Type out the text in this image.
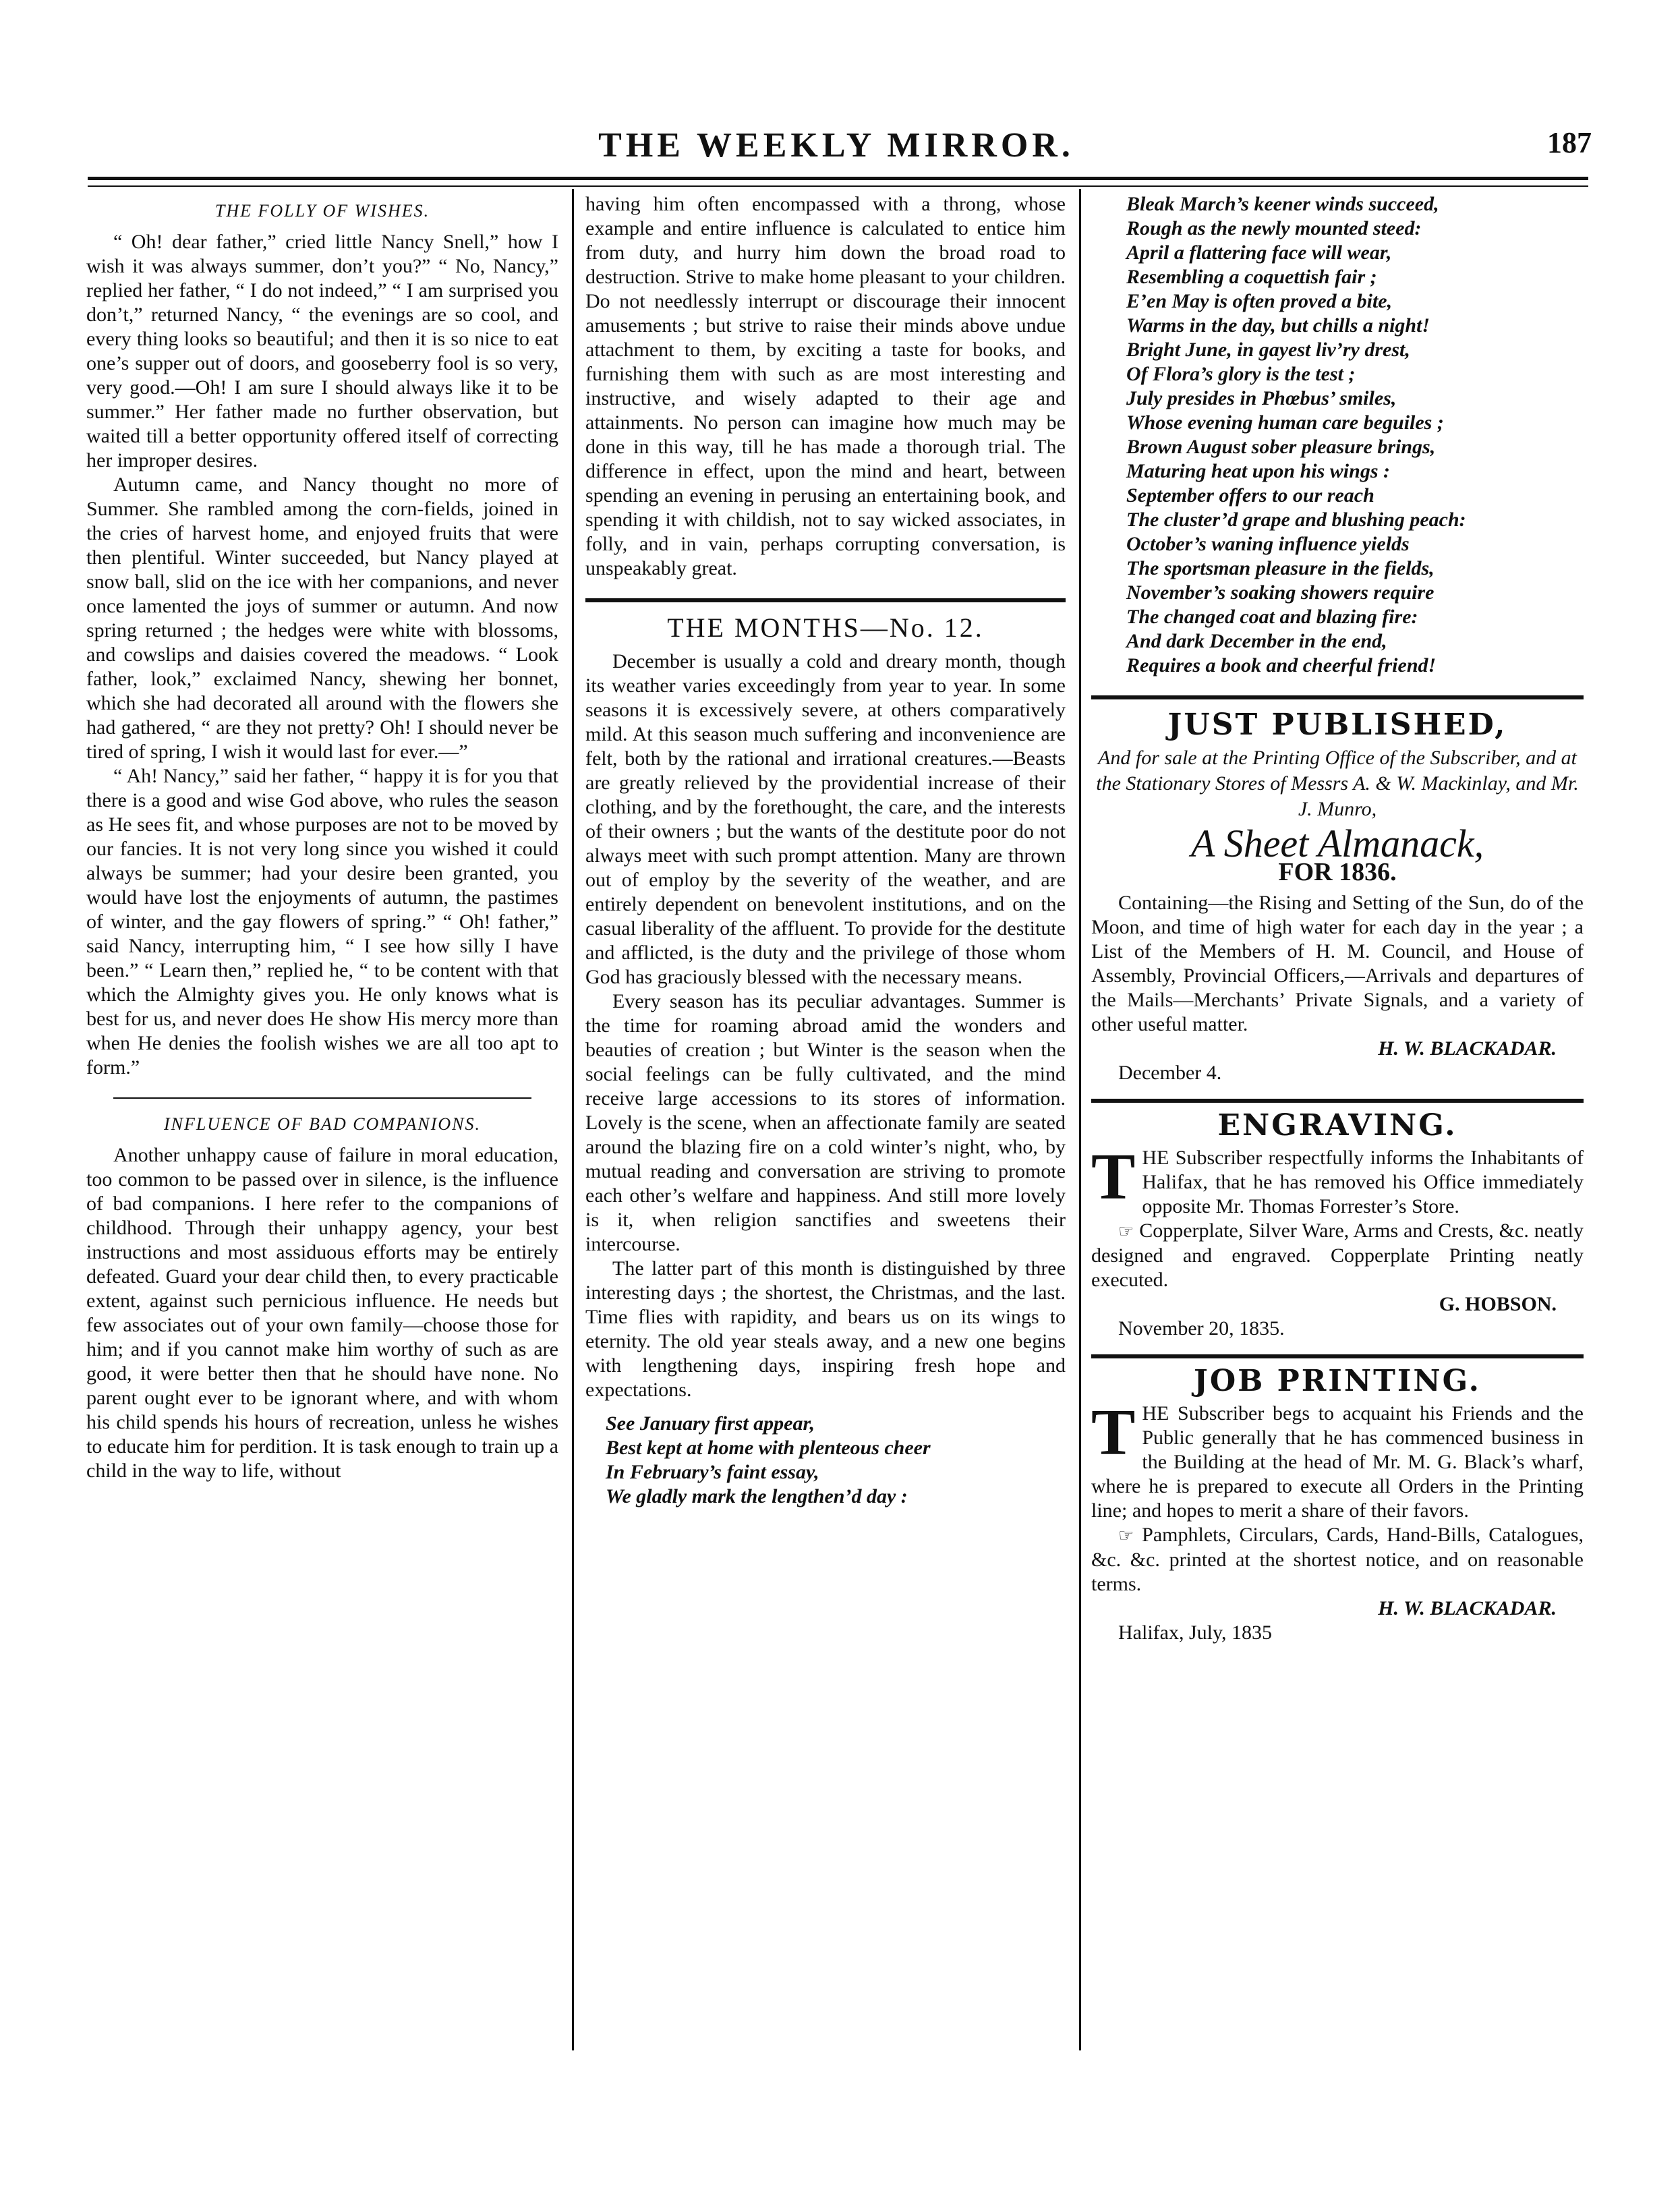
THE WEEKLY MIRROR.	187

THE FOLLY OF WISHES.

“ Oh! dear father,” cried little Nancy Snell,” how I wish it was always summer, don’t you?” “ No, Nancy,” replied her father, “ I do not indeed,” “ I am surprised you don’t,” returned Nancy, “ the evenings are so cool, and every thing looks so beautiful; and then it is so nice to eat one’s supper out of doors, and gooseberry fool is so very, very good.—Oh! I am sure I should always like it to be summer.” Her father made no further observation, but waited till a better opportunity offered itself of correcting her improper desires.

Autumn came, and Nancy thought no more of Summer. She rambled among the corn-fields, joined in the cries of harvest home, and enjoyed fruits that were then plentiful. Winter succeeded, but Nancy played at snow ball, slid on the ice with her companions, and never once lamented the joys of summer or autumn. And now spring returned ; the hedges were white with blossoms, and cowslips and daisies covered the meadows. “ Look father, look,” exclaimed Nancy, shewing her bonnet, which she had decorated all around with the flowers she had gathered, “ are they not pretty? Oh! I should never be tired of spring, I wish it would last for ever.—”

“ Ah! Nancy,” said her father, “ happy it is for you that there is a good and wise God above, who rules the season as He sees fit, and whose purposes are not to be moved by our fancies. It is not very long since you wished it could always be summer; had your desire been granted, you would have lost the enjoyments of autumn, the pastimes of winter, and the gay flowers of spring.” “ Oh! father,” said Nancy, interrupting him, “ I see how silly I have been.” “ Learn then,” replied he, “ to be content with that which the Almighty gives you. He only knows what is best for us, and never does He show His mercy more than when He denies the foolish wishes we are all too apt to form.”

INFLUENCE OF BAD COMPANIONS.

Another unhappy cause of failure in moral education, too common to be passed over in silence, is the influence of bad companions. I here refer to the companions of childhood. Through their unhappy agency, your best instructions and most assiduous efforts may be entirely defeated. Guard your dear child then, to every practicable extent, against such pernicious influence. He needs but few associates out of your own family—choose those for him; and if you cannot make him worthy of such as are good, it were better then that he should have none. No parent ought ever to be ignorant where, and with whom his child spends his hours of recreation, unless he wishes to educate him for perdition. It is task enough to train up a child in the way to life, without

having him often encompassed with a throng, whose example and entire influence is calculated to entice him from duty, and hurry him down the broad road to destruction. Strive to make home pleasant to your children. Do not needlessly interrupt or discourage their innocent amusements ; but strive to raise their minds above undue attachment to them, by exciting a taste for books, and furnishing them with such as are most interesting and instructive, and wisely adapted to their age and attainments. No person can imagine how much may be done in this way, till he has made a thorough trial. The difference in effect, upon the mind and heart, between spending an evening in perusing an entertaining book, and spending it with childish, not to say wicked associates, in folly, and in vain, perhaps corrupting conversation, is unspeakably great.

THE MONTHS—No. 12.

December is usually a cold and dreary month, though its weather varies exceedingly from year to year. In some seasons it is excessively severe, at others comparatively mild. At this season much suffering and inconvenience are felt, both by the rational and irrational creatures.—Beasts are greatly relieved by the providential increase of their clothing, and by the forethought, the care, and the interests of their owners ; but the wants of the destitute poor do not always meet with such prompt attention. Many are thrown out of employ by the severity of the weather, and are entirely dependent on benevolent institutions, and on the casual liberality of the affluent. To provide for the destitute and afflicted, is the duty and the privilege of those whom God has graciously blessed with the necessary means.

Every season has its peculiar advantages. Summer is the time for roaming abroad amid the wonders and beauties of creation ; but Winter is the season when the social feelings can be fully cultivated, and the mind receive large accessions to its stores of information. Lovely is the scene, when an affectionate family are seated around the blazing fire on a cold winter’s night, who, by mutual reading and conversation are striving to promote each other’s welfare and happiness. And still more lovely is it, when religion sanctifies and sweetens their intercourse.

The latter part of this month is distinguished by three interesting days ; the shortest, the Christmas, and the last. Time flies with rapidity, and bears us on its wings to eternity. The old year steals away, and a new one begins with lengthening days, inspiring fresh hope and expectations.

See January first appear,

Best kept at home with plenteous cheer

In February’s faint essay,

We gladly mark the lengthen’d day :

Bleak March’s keener winds succeed,

Rough as the newly mounted steed:

April a flattering face will wear,

Resembling a coquettish fair ;

E’en May is often proved a bite,

Warms in the day, but chills a night!

Bright June, in gayest liv’ry drest,

Of Flora’s glory is the test ;

July presides in Phœbus’ smiles,

Whose evening human care beguiles ;

Brown August sober pleasure brings,

Maturing heat upon his wings :

September offers to our reach

The cluster’d grape and blushing peach:

October’s waning influence yields

The sportsman pleasure in the fields,

November’s soaking showers require

The changed coat and blazing fire:

And dark December in the end,

Requires a book and cheerful friend!

JUST PUBLISHED,

And for sale at the Printing Office of the Subscriber, and at the Stationary Stores of Messrs A. & W. Mackinlay, and Mr. J. Munro,

A Sheet Almanack,

FOR 1836.

Containing—the Rising and Setting of the Sun, do of the Moon, and time of high water for each day in the year ; a List of the Members of H. M. Council, and House of Assembly, Provincial Officers,—Arrivals and departures of the Mails—Merchants’ Private Signals, and a variety of other useful matter.

H. W. BLACKADAR.

December 4.

ENGRAVING.

T HE Subscriber respectfully informs the Inhabitants of Halifax, that he has removed his Office immediately opposite Mr. Thomas Forrester’s Store.

☞ Copperplate, Silver Ware, Arms and Crests, &c. neatly designed and engraved. Copperplate Printing neatly executed.

G. HOBSON.

November 20, 1835.

JOB PRINTING.

T HE Subscriber begs to acquaint his Friends and the Public generally that he has commenced business in the Building at the head of Mr. M. G. Black’s wharf, where he is prepared to execute all Orders in the Printing line; and hopes to merit a share of their favors.

☞ Pamphlets, Circulars, Cards, Hand-Bills, Catalogues, &c. &c. printed at the shortest notice, and on reasonable terms.

H. W. BLACKADAR.

Halifax, July, 1835
